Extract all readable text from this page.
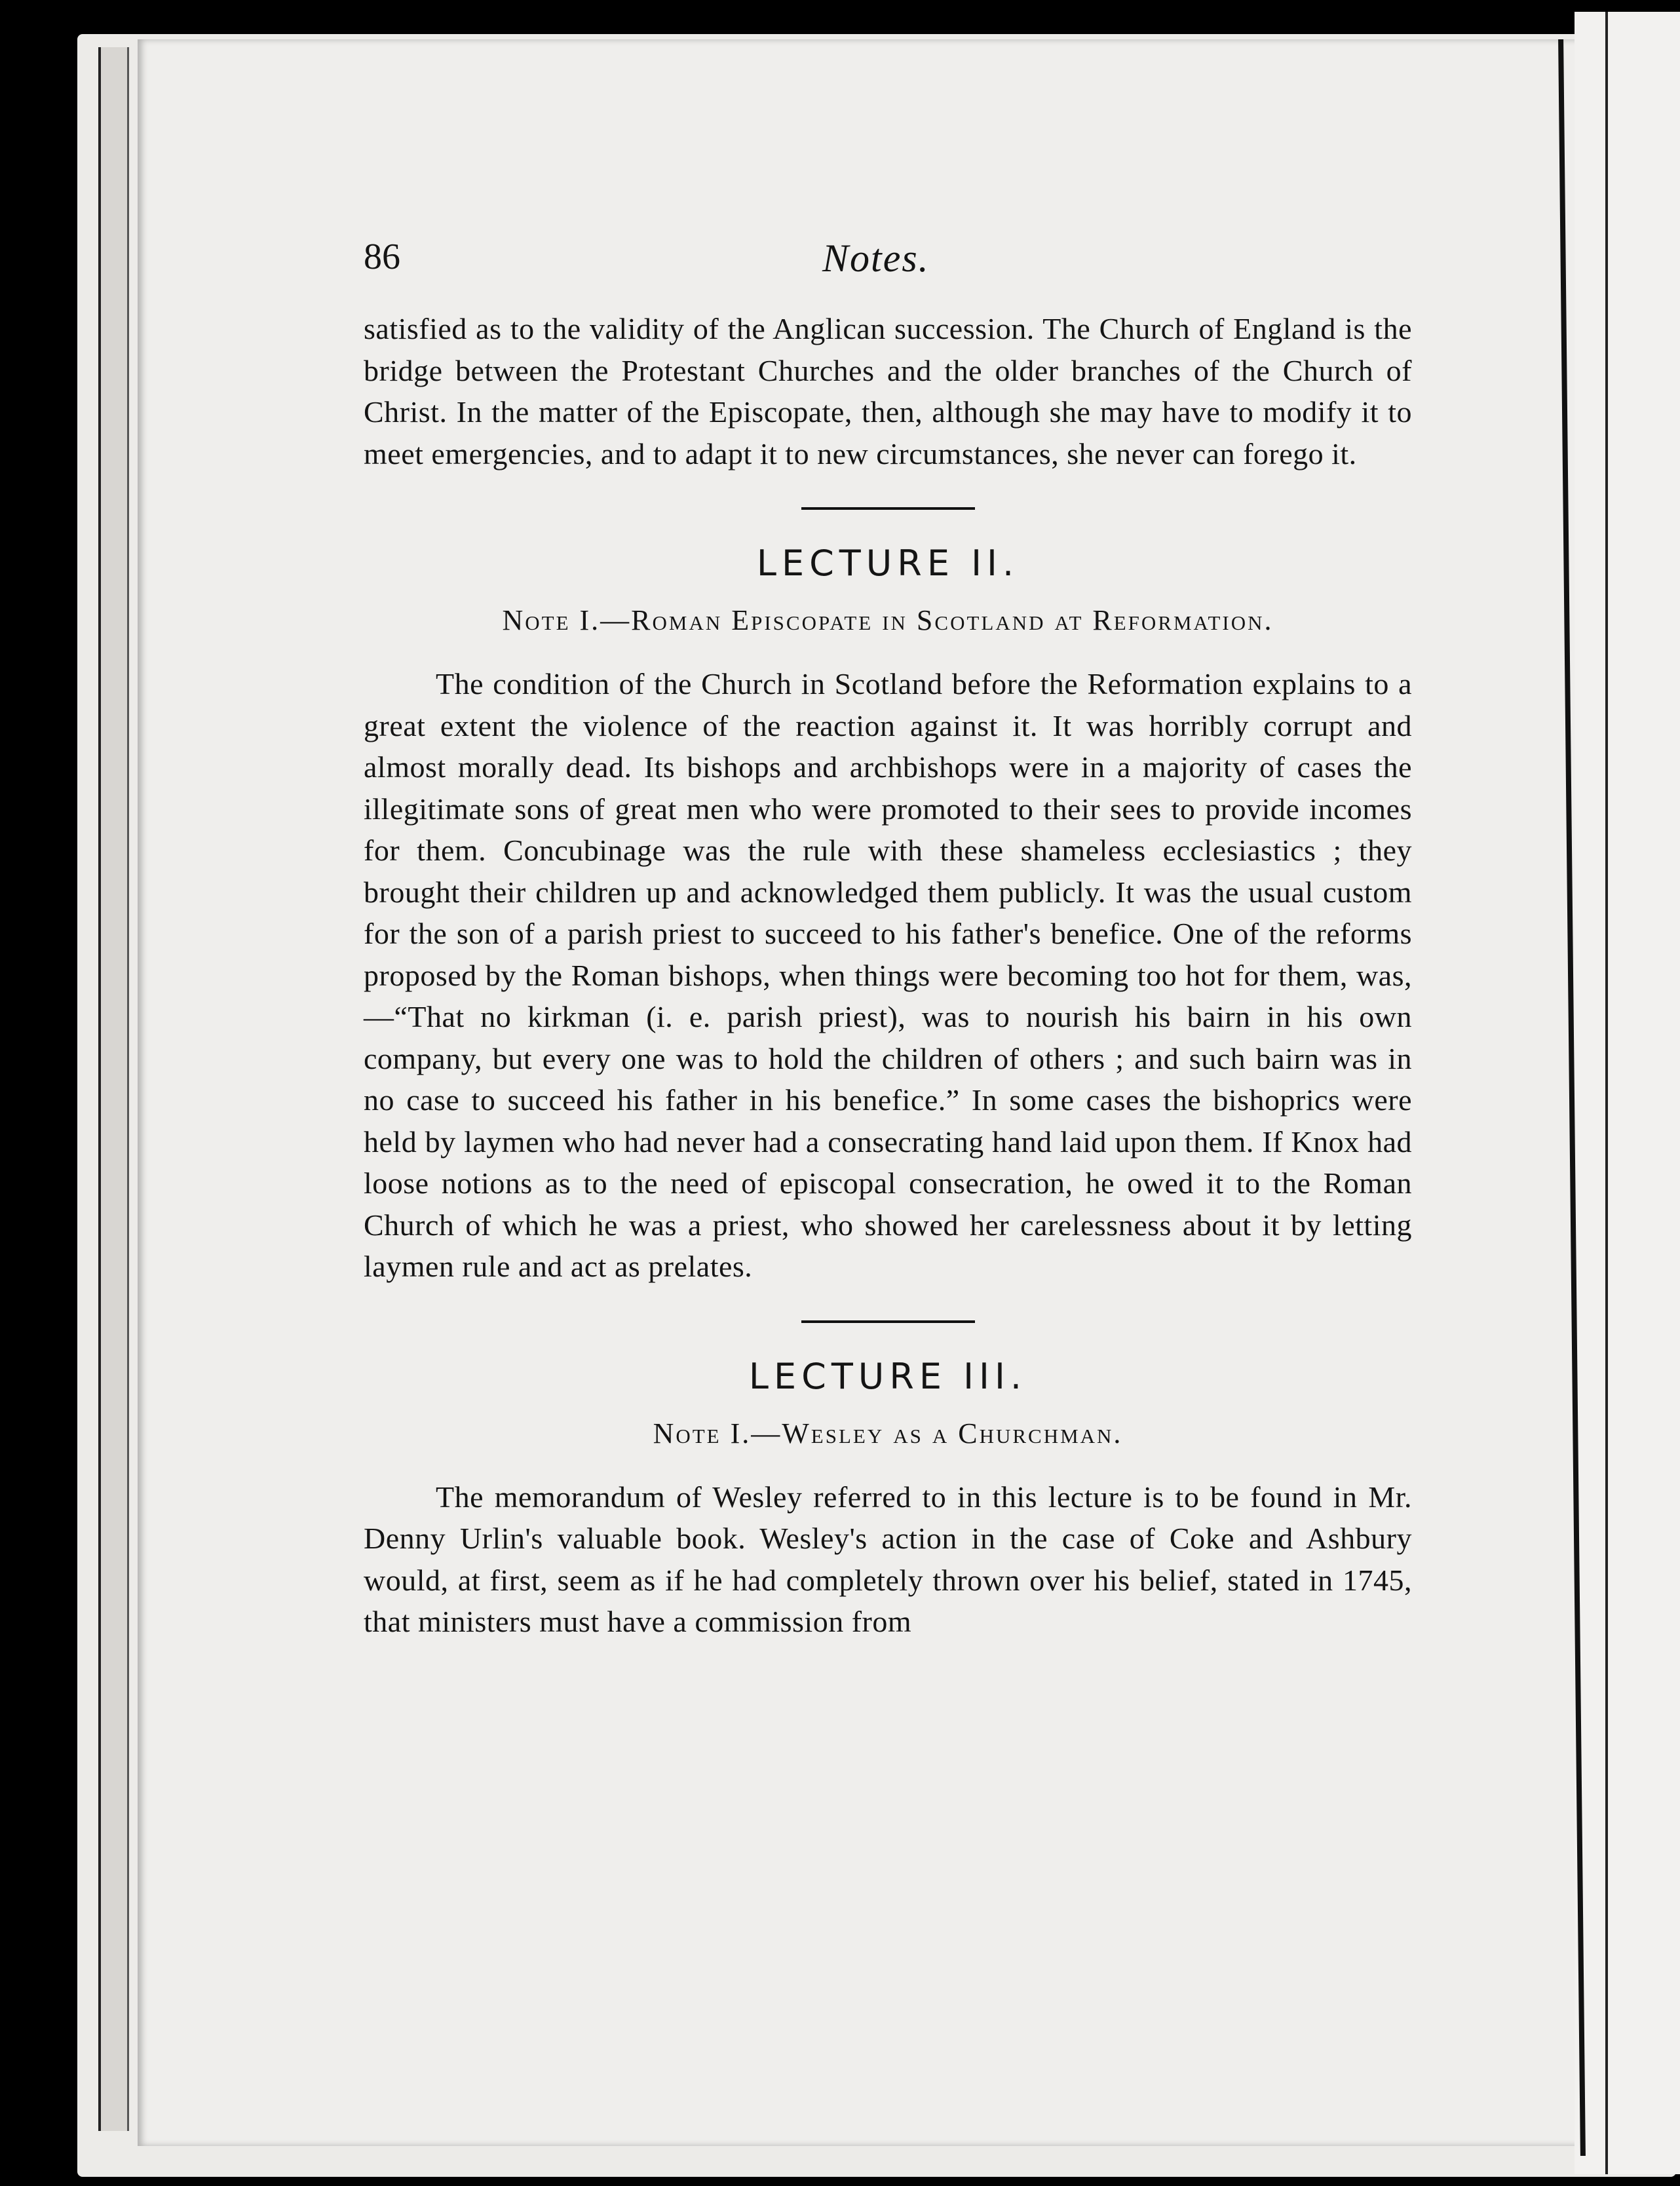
86	Notes.

satisfied as to the validity of the Anglican succession. The Church of England is the bridge between the Protestant Churches and the older branches of the Church of Christ. In the matter of the Episcopate, then, although she may have to modify it to meet emergencies, and to adapt it to new circumstances, she never can forego it.

LECTURE II.
Note I.—Roman Episcopate in Scotland at Reformation.

The condition of the Church in Scotland before the Reformation explains to a great extent the violence of the reaction against it. It was horribly corrupt and almost morally dead. Its bishops and archbishops were in a majority of cases the illegitimate sons of great men who were promoted to their sees to provide incomes for them. Concubinage was the rule with these shameless ecclesiastics ; they brought their children up and acknowledged them publicly. It was the usual custom for the son of a parish priest to succeed to his father's benefice. One of the reforms proposed by the Roman bishops, when things were becoming too hot for them, was,—“That no kirkman (i. e. parish priest), was to nourish his bairn in his own company, but every one was to hold the children of others ; and such bairn was in no case to succeed his father in his benefice.” In some cases the bishoprics were held by laymen who had never had a consecrating hand laid upon them. If Knox had loose notions as to the need of episcopal consecration, he owed it to the Roman Church of which he was a priest, who showed her carelessness about it by letting laymen rule and act as prelates.

LECTURE III.
Note I.—Wesley as a Churchman.

The memorandum of Wesley referred to in this lecture is to be found in Mr. Denny Urlin's valuable book. Wesley's action in the case of Coke and Ashbury would, at first, seem as if he had completely thrown over his belief, stated in 1745, that ministers must have a commission from
